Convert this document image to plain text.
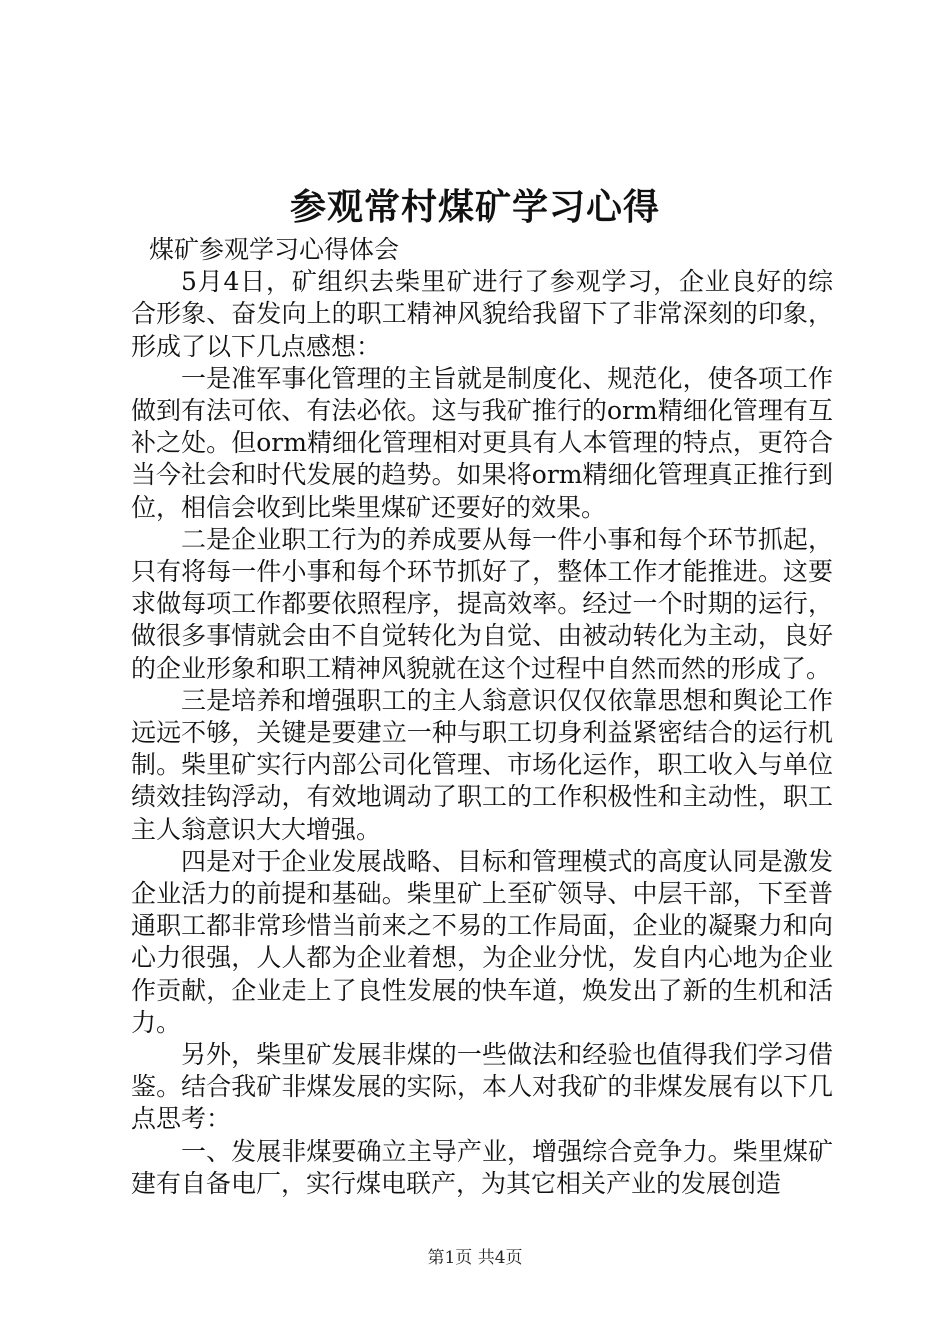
参观常村煤矿学习心得
煤矿参观学习心得体会

5月4日，矿组织去柴里矿进行了参观学习，企业良好的综合形象、奋发向上的职工精神风貌给我留下了非常深刻的印象，形成了以下几点感想：

一是准军事化管理的主旨就是制度化、规范化，使各项工作做到有法可依、有法必依。这与我矿推行的orm精细化管理有互补之处。但orm精细化管理相对更具有人本管理的特点，更符合当今社会和时代发展的趋势。如果将orm精细化管理真正推行到位，相信会收到比柴里煤矿还要好的效果。

二是企业职工行为的养成要从每一件小事和每个环节抓起，只有将每一件小事和每个环节抓好了，整体工作才能推进。这要求做每项工作都要依照程序，提高效率。经过一个时期的运行，做很多事情就会由不自觉转化为自觉、由被动转化为主动，良好的企业形象和职工精神风貌就在这个过程中自然而然的形成了。

三是培养和增强职工的主人翁意识仅仅依靠思想和舆论工作远远不够，关键是要建立一种与职工切身利益紧密结合的运行机制。柴里矿实行内部公司化管理、市场化运作，职工收入与单位绩效挂钩浮动，有效地调动了职工的工作积极性和主动性，职工主人翁意识大大增强。

四是对于企业发展战略、目标和管理模式的高度认同是激发企业活力的前提和基础。柴里矿上至矿领导、中层干部，下至普通职工都非常珍惜当前来之不易的工作局面，企业的凝聚力和向心力很强，人人都为企业着想，为企业分忧，发自内心地为企业作贡献，企业走上了良性发展的快车道，焕发出了新的生机和活力。

另外，柴里矿发展非煤的一些做法和经验也值得我们学习借鉴。结合我矿非煤发展的实际，本人对我矿的非煤发展有以下几点思考：

一、发展非煤要确立主导产业，增强综合竞争力。柴里煤矿建有自备电厂，实行煤电联产，为其它相关产业的发展创造

第1页 共4页
